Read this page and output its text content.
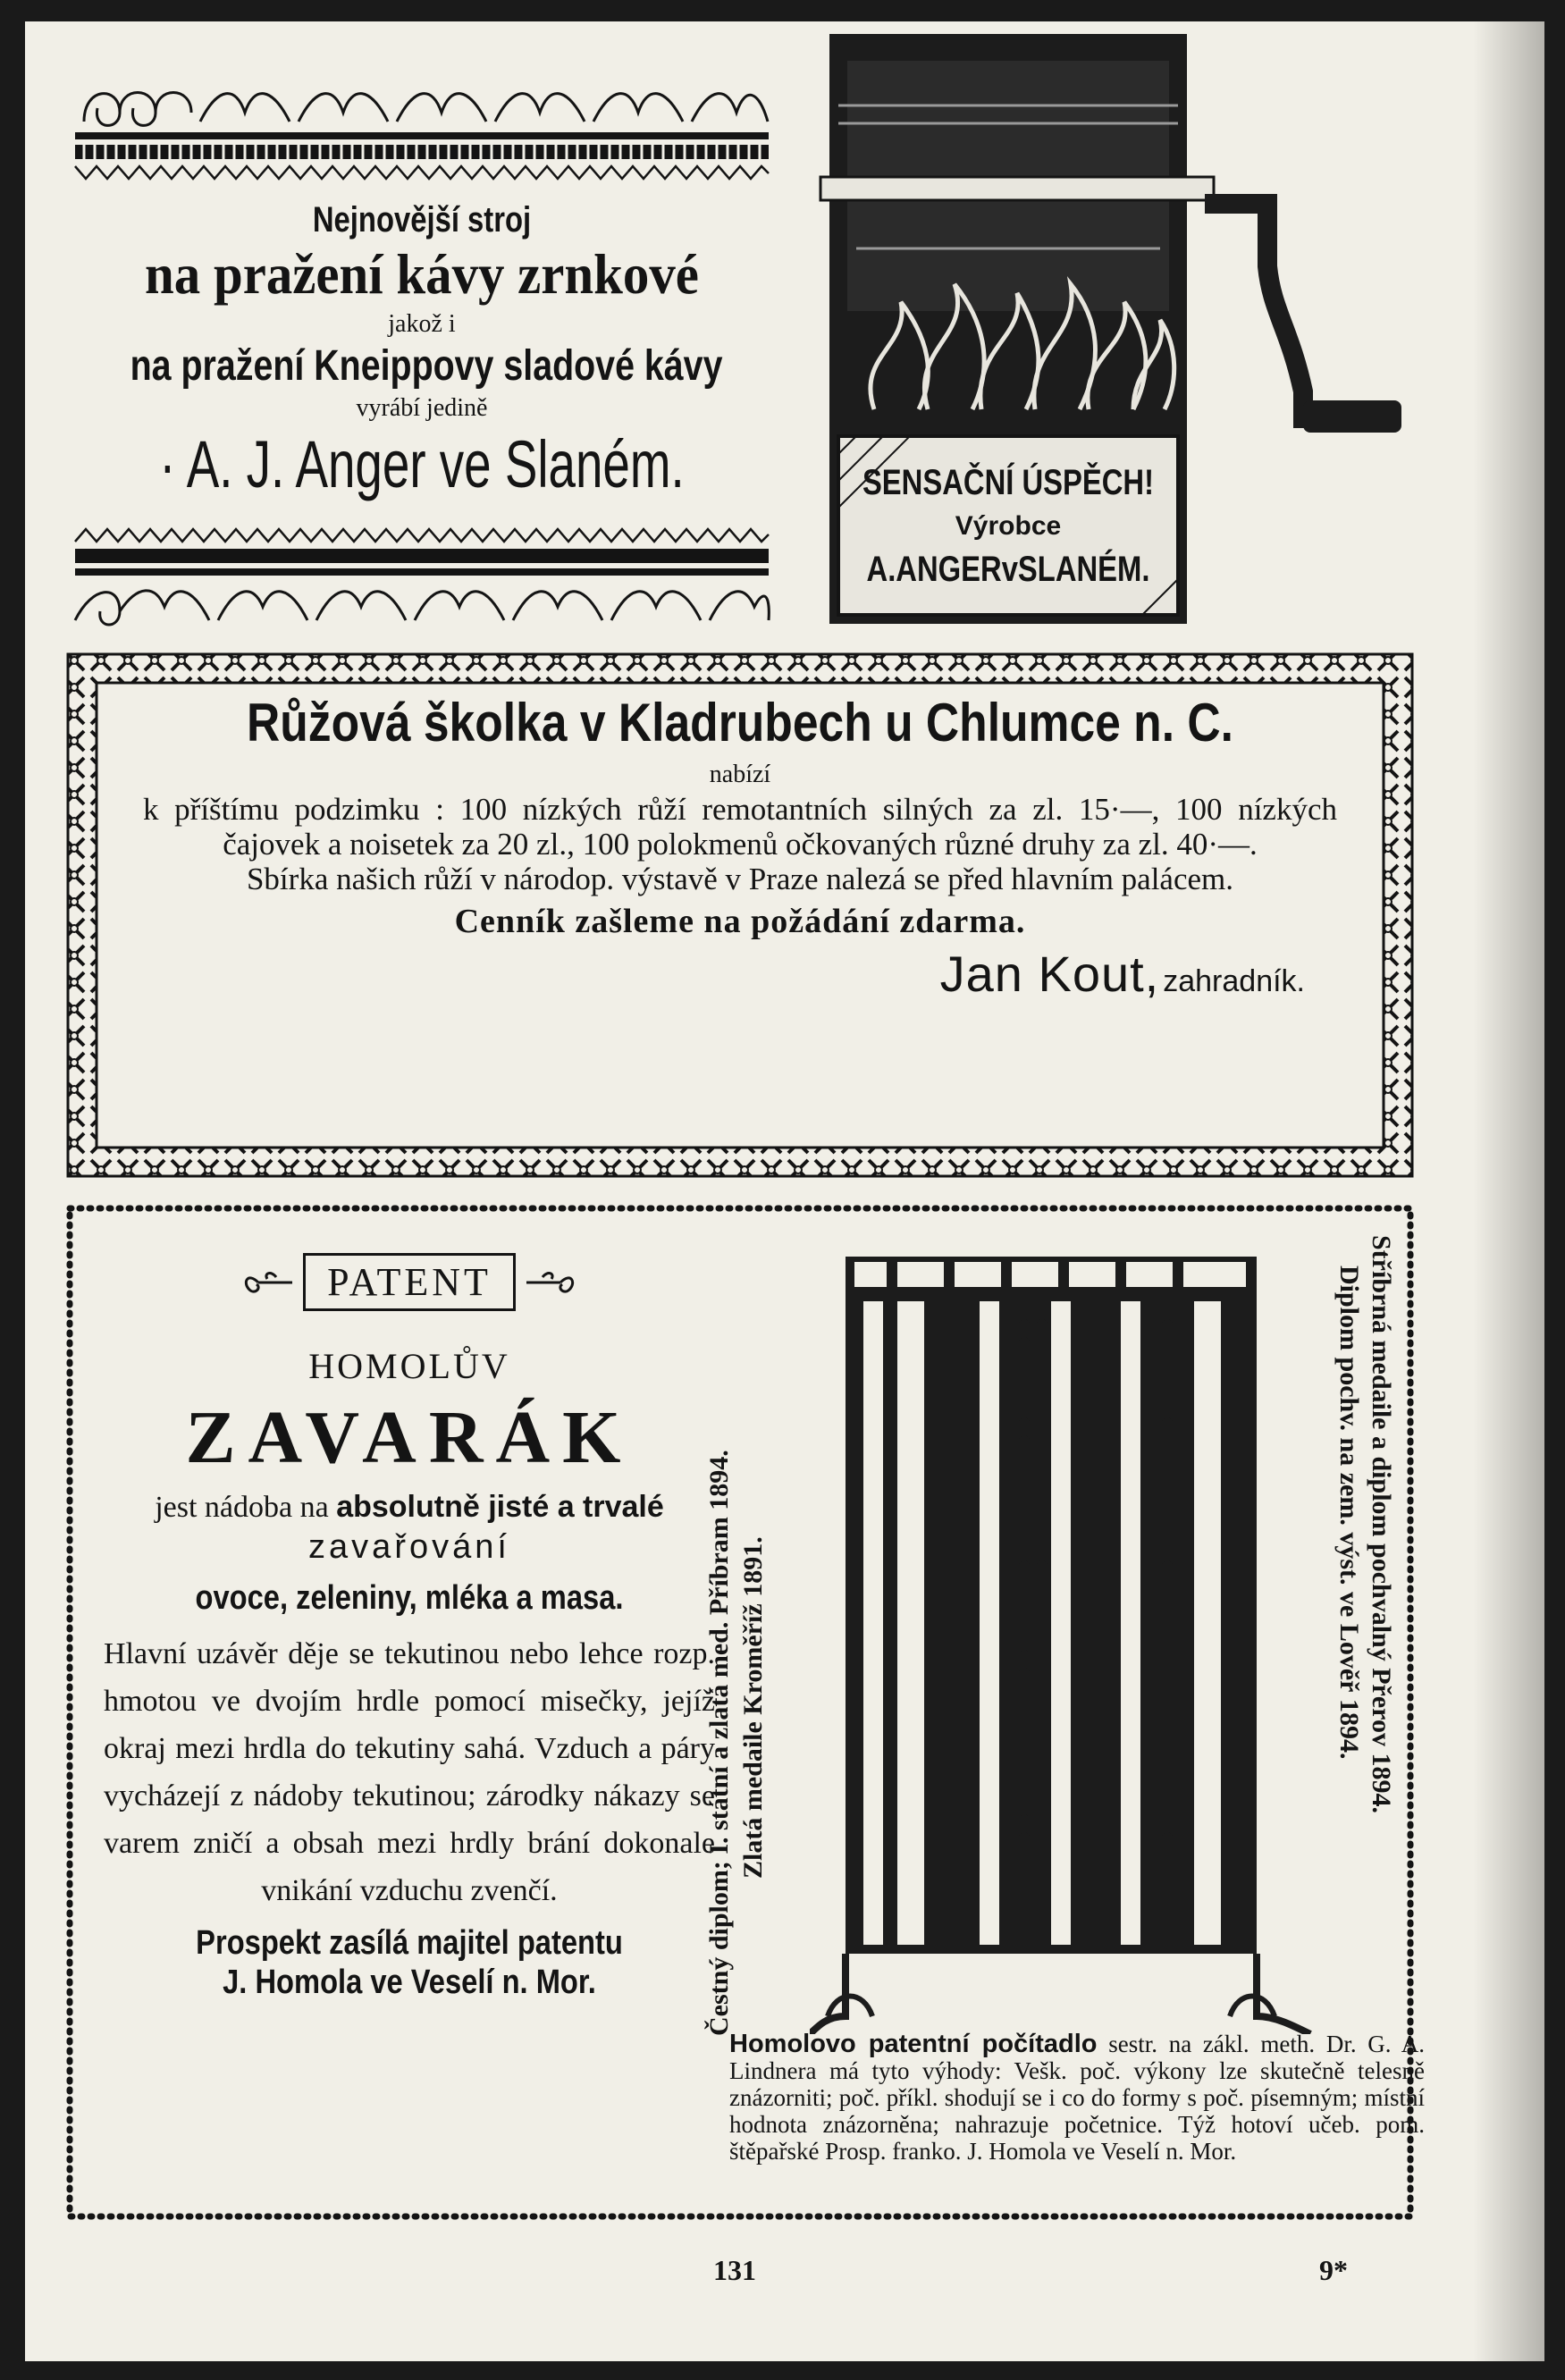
Nejnovější stroj
na pražení kávy zrnkové
jakož i
na pražení Kneippovy sladové kávy
vyrábí jedině
· A. J. Anger ve Slaném.	SENSAČNÍ ÚSPĚCH!
Výrobce
A.ANGERvSLANÉM.
Růžová školka v Kladrubech u Chlumce n. C.
nabízí
k příštímu podzimku : 100 nízkých růží remotantních silných za zl. 15·—, 100 nízkých čajovek a noisetek za 20 zl., 100 polokmenů očkovaných různé druhy za zl. 40·—.
Sbírka našich růží v národop. výstavě v Praze nalezá se před hlavním palácem.
Cenník zašleme na požádání zdarma.
Jan Kout, zahradník.
PATENT
HOMOLŮV
ZAVARÁK
jest nádoba na absolutně jisté a trvalé
zavařování
ovoce, zeleniny, mléka a masa.
Hlavní uzávěr děje se tekutinou nebo lehce rozp. hmotou ve dvojím hrdle pomocí misečky, jejíž okraj mezi hrdla do tekutiny sahá. Vzduch a páry vycházejí z nádoby tekutinou; zárodky nákazy se varem zničí a obsah mezi hrdly brání dokonale vnikání vzduchu zvenčí.
Prospekt zasílá majitel patentu
J. Homola ve Veselí n. Mor.	Čestný diplom; I. státní a zlatá med. Příbram 1894. Zlatá medaile Kroměříž 1891.	Stříbrná medaile a diplom pochvalný Přerov 1894.
Diplom pochv. na zem. výst. ve Lověř 1894.
Homolovo patentní počítadlo sestr. na zákl. meth. Dr. G. A. Lindnera má tyto výhody: Vešk. poč. výkony lze skutečně telesně znázorniti; poč. příkl. shodují se i co do formy s poč. písemným; místní hodnota znázorněna; nahrazuje početnice. Týž hotoví učeb. pom. štěpařské Prosp. franko. J. Homola ve Veselí n. Mor.
131	9*
